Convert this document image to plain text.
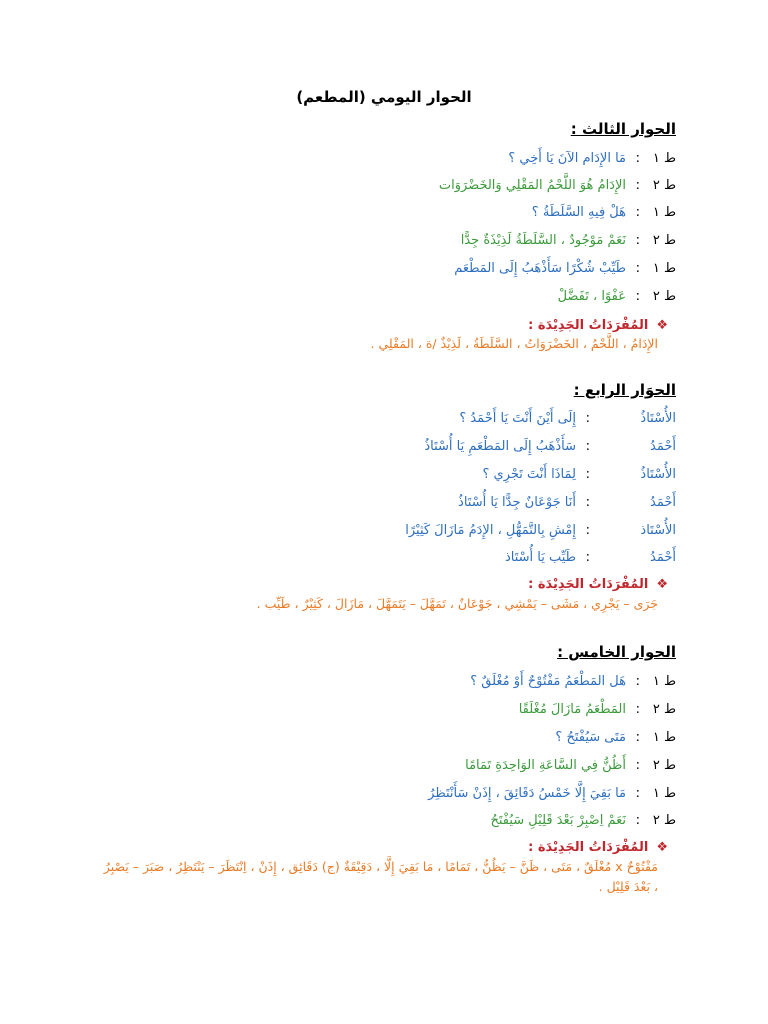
الحوار اليومي (المطعم)
الحوار الثالث :
ط ١:مَا الإِدَام الآنَ يَا أَخِي ؟
ط ٢:الإِدَامُ هُوَ اللَّحْمُ المَقْلِي وَالخَضْرَوَات
ط ١:هَلْ فِيهِ السَّلَطَةُ ؟
ط ٢:نَعَمْ مَوْجُودٌ ، السَّلَطَةُ لَذِيْذَةٌ جِدًّا
ط ١:طَيِّبْ شُكْرًا سَأَذْهَبُ إِلَى المَطْعَم
ط ٢:عَفْوًا ، تَفَضَّلْ
❖المُفْرَدَاتُ الجَدِيْدَة :
الإِدَامُ ، اللَّحْمُ ، الخَضْرَوَاتُ ، السَّلَطَةُ ، لَذِيْذٌ /ة ، المَقْلِي .
الحوَار الرابع :
الأُسْتَاذُ:إِلَى أَيْنَ أَنْتَ يَا أَحْمَدُ ؟
أَحْمَدُ:سَأَذْهَبُ إِلَى المَطْعَمِ يَا أُسْتَاذُ
الأُسْتَاذُ:لِمَاذَا أَنْتَ تَجْرِي ؟
أَحْمَدُ:أَنَا جَوْعَانٌ جِدًّا يَا أُسْتَاذُ
الأُسْتَاذ:إِمْشِ بِالتَّمَهُّلِ ، الإِدَمُ مَازَالَ كَثِيْرًا
أَحْمَدُ:طَيِّب يَا أُسْتَاذ
❖المُفْرَدَاتُ الجَدِيْدَة :
جَرَى – يَجْرِي ، مَشَى – يَمْشِي ، جَوْعَانٌ ، تَمَهَّلَ – يَتَمَهَّلَ ، مَازَالَ ، كَثِيْرٌ ، طَيِّب .
الحوار الخامس :
ط ١:هَل المَطْعَمُ مَفْتُوْحٌ أَوْ مُغْلَقٌ ؟
ط ٢:المَطْعَمُ مَازَالَ مُغْلَقًا
ط ١:مَتَى سَيُفْتَحُ ؟
ط ٢:أَظُنُّ فِي السَّاعَةِ الوَاحِدَةِ تَمَامًا
ط ١:مَا بَقِيَ إِلَّا خَمْسُ دَقَائِقَ ، إِذَنْ سَأَنْتَظِرُ
ط ٢:نَعَمْ اِصْبِرْ بَعْدَ قَلِيْلِ سَيُفْتَحُ
❖المُفْرَدَاتُ الجَدِيْدَة :
مَفْتُوْحٌ x مُغْلَقٌ ، مَتَى ، ظَنَّ – يَظُنُّ ، تَمَامًا ، مَا بَقِيَ إِلَّا ، دَقِيْقَةٌ (ج) دَقَائِق ، إِذَنْ ، اِنْتَظَرَ – يَنْتَظِرُ ، صَبَرَ – يَصْبِرُ ، بَعْدَ قَلِيْل .
